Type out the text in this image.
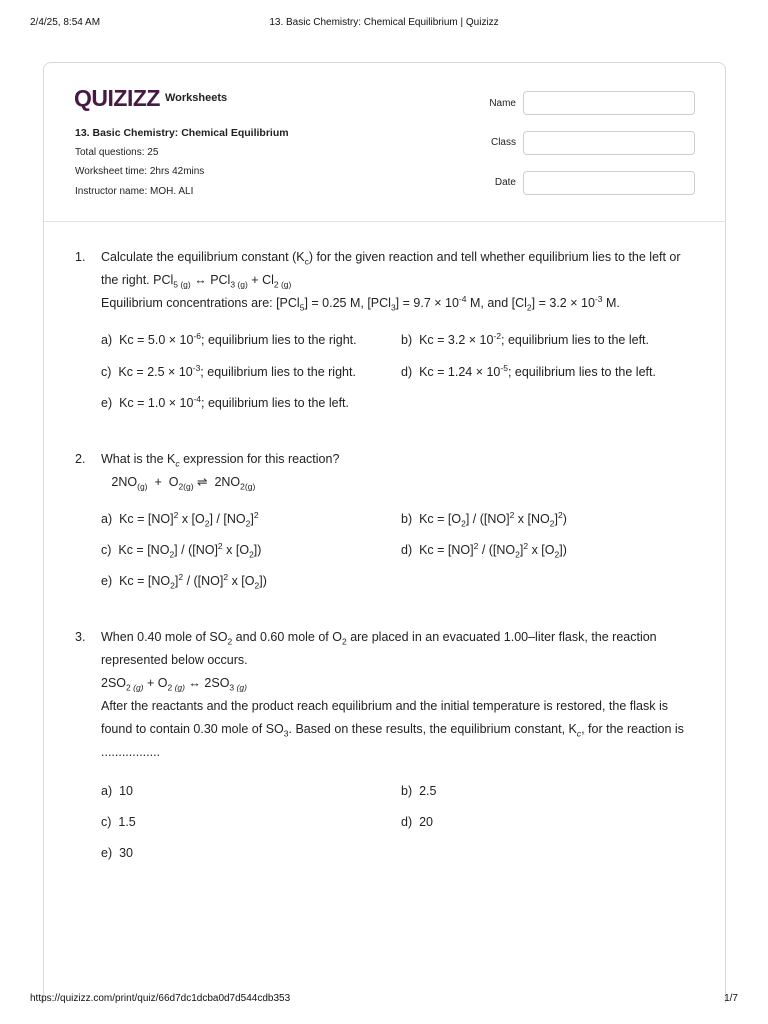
2/4/25, 8:54 AM	13. Basic Chemistry: Chemical Equilibrium | Quizizz
QUIZIZZ Worksheets
13. Basic Chemistry: Chemical Equilibrium
Total questions: 25
Worksheet time: 2hrs 42mins
Instructor name: MOH. ALI
Name
Class
Date
1. Calculate the equilibrium constant $(K_c)$ for the given reaction and tell whether equilibrium lies to the left or the right. PCl$_{5 (g)}$ ↔ $PCl_{3 (g)} + Cl_{2 (g)}$
Equilibrium concentrations are: [PCl$_5$] = 0.25 M, $[PCl_3] = 9.7 \times 10^{-4}$ M, and $[Cl_2] = 3.2 \times 10^{-3}$ M.
a)  $Kc = 5.0 \times 10^{-6}$; equilibrium lies to the right.	b)  $Kc = 3.2 \times 10^{-2}$; equilibrium lies to the left.
c)  $Kc = 2.5 \times 10^{-3}$; equilibrium lies to the right.	d)  $Kc = 1.24 \times 10^{-5}$; equilibrium lies to the left.
e)  $Kc = 1.0 \times 10^{-4}$; equilibrium lies to the left.
2. What is the $K_c$ expression for this reaction?
$2NO_{(g)} + O_{2(g)}$ ⇌  $2NO_{2(g)}$
a)  Kc = [NO]$^2$ x $[O_2] / [NO_2]^2$	b)  $Kc = [O_2] / ([NO]^2$ x $[NO_2]^2$)
c)  $Kc = [NO_2] / ([NO]^2$ x $[O_2]$)	d)  $Kc = [NO]^2 / ([NO_2]^2$ x $[O_2]$)
e)  $Kc = [NO_2]^2 / ([NO]^2$ x $[O_2]$)
3. When 0.40 mole of $SO_2$ and 0.60 mole of $O_2$ are placed in an evacuated 1.00–liter flask, the reaction represented below occurs.
$2SO_{2 (g)} + O_{2 (g)}$ ↔ $2SO_{3 (g)}$
After the reactants and the product reach equilibrium and the initial temperature is restored, the flask is found to contain 0.30 mole of $SO_3$. Based on these results, the equilibrium constant, $K_c$, for the reaction is .................
a) 10	b) 2.5
c) 1.5	d) 20
e) 30
https://quizizz.com/print/quiz/66d7dc1dcba0d7d544cdb353	1/7
